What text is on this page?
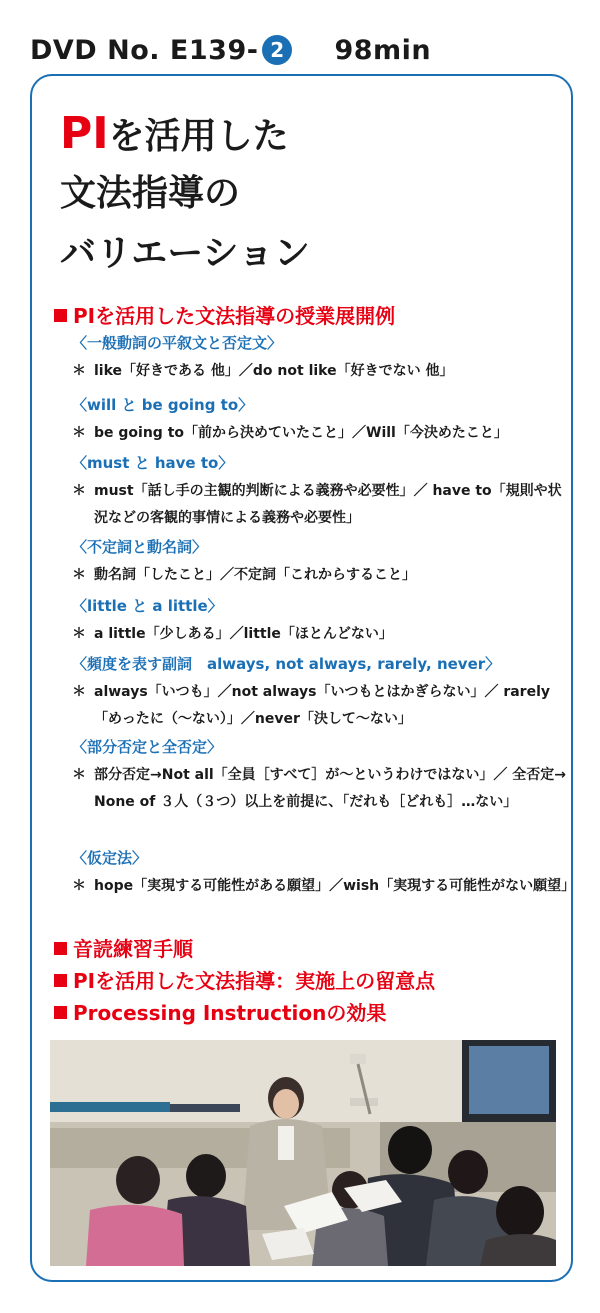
DVD No. E139- 2 98min
PIを活用した
文法指導の
バリエーション
PIを活用した文法指導の授業展開例
〈一般動詞の平叙文と否定文〉
＊ like「好きである 他」／do not like「好きでない 他」
〈will と be going to〉
＊ be going to「前から決めていたこと」／Will「今決めたこと」
〈must と have to〉
＊ must「話し手の主観的判断による義務や必要性」／ have to「規則や状況などの客観的事情による義務や必要性」
〈不定詞と動名詞〉
＊ 動名詞「したこと」／不定詞「これからすること」
〈little と a little〉
＊ a little「少しある」／little「ほとんどない」
〈頻度を表す副詞　always, not always, rarely, never〉
＊ always「いつも」／not always「いつもとはかぎらない」／ rarely「めったに（〜ない）」／never「決して〜ない」
〈部分否定と全否定〉
＊ 部分否定→Not all「全員［すべて］が〜というわけではない」／ 全否定→　None of ３人（３つ）以上を前提に、「だれも［どれも］…ない」
〈仮定法〉
＊ hope「実現する可能性がある願望」／wish「実現する可能性がない願望」
音読練習手順
PIを活用した文法指導：実施上の留意点
Processing Instructionの効果
